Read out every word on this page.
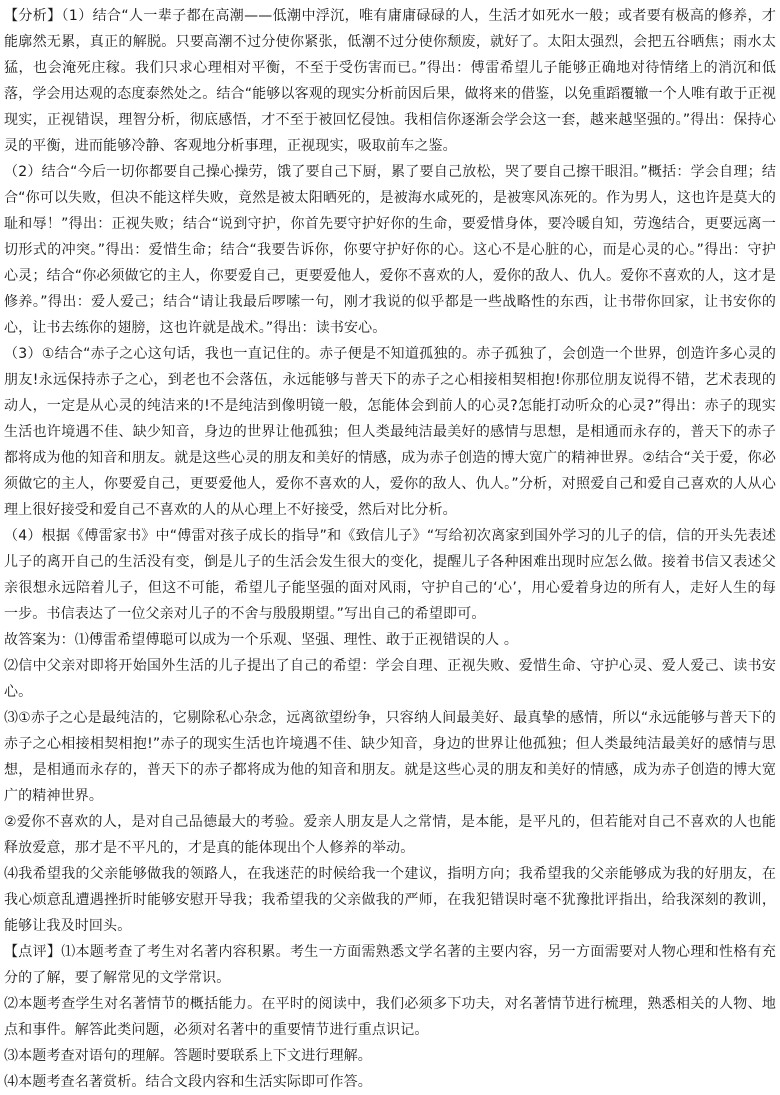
【分析】（1）结合“人一辈子都在高潮——低潮中浮沉，唯有庸庸碌碌的人，生活才如死水一般；或者要有极高的修养，才能廓然无累，真正的解脱。只要高潮不过分使你紧张，低潮不过分使你颓废，就好了。太阳太强烈，会把五谷晒焦；雨水太猛，也会淹死庄稼。我们只求心理相对平衡，不至于受伤害而已。”得出：傅雷希望儿子能够正确地对待情绪上的消沉和低落，学会用达观的态度泰然处之。结合“能够以客观的现实分析前因后果，做将来的借鉴，以免重蹈覆辙一个人唯有敢于正视现实，正视错误，理智分析，彻底感悟，才不至于被回忆侵蚀。我相信你逐渐会学会这一套，越来越坚强的。”得出：保持心灵的平衡，进而能够冷静、客观地分析事理，正视现实，吸取前车之鉴。

（2）结合“今后一切你都要自己操心操劳，饿了要自己下厨，累了要自己放松，哭了要自己擦干眼泪。”概括：学会自理；结合“你可以失败，但决不能这样失败，竟然是被太阳晒死的，是被海水咸死的，是被寒风冻死的。作为男人，这也许是莫大的耻和辱！”得出：正视失败；结合“说到守护，你首先要守护好你的生命，要爱惜身体，要冷暖自知，劳逸结合，更要远离一切形式的冲突。”得出：爱惜生命；结合“我要告诉你，你要守护好你的心。这心不是心脏的心，而是心灵的心。”得出：守护心灵；结合“你必须做它的主人，你要爱自己，更要爱他人，爱你不喜欢的人，爱你的敌人、仇人。爱你不喜欢的人，这才是修养。”得出：爱人爱己；结合“请让我最后啰嗦一句，刚才我说的似乎都是一些战略性的东西，让书带你回家，让书安你的心，让书去练你的翅膀，这也许就是战术。”得出：读书安心。

（3）①结合“赤子之心这句话，我也一直记住的。赤子便是不知道孤独的。赤子孤独了，会创造一个世界，创造许多心灵的朋友!永远保持赤子之心，到老也不会落伍，永远能够与普天下的赤子之心相接相契相抱!你那位朋友说得不错，艺术表现的动人，一定是从心灵的纯洁来的!不是纯洁到像明镜一般，怎能体会到前人的心灵?怎能打动听众的心灵?”得出：赤子的现实生活也许境遇不佳、缺少知音，身边的世界让他孤独；但人类最纯洁最美好的感情与思想，是相通而永存的，普天下的赤子都将成为他的知音和朋友。就是这些心灵的朋友和美好的情感，成为赤子创造的博大宽广的精神世界。②结合“关于爱，你必须做它的主人，你要爱自己，更要爱他人，爱你不喜欢的人，爱你的敌人、仇人。”分析，对照爱自己和爱自己喜欢的人从心理上很好接受和爱自己不喜欢的人的从心理上不好接受，然后对比分析。

（4）根据《傅雷家书》中“傅雷对孩子成长的指导”和《致信儿子》“写给初次离家到国外学习的儿子的信，信的开头先表述儿子的离开自己的生活没有变，倒是儿子的生活会发生很大的变化，提醒儿子各种困难出现时应怎么做。接着书信又表述父亲很想永远陪着儿子，但这不可能，希望儿子能坚强的面对风雨，守护自己的‘心’，用心爱着身边的所有人，走好人生的每一步。书信表达了一位父亲对儿子的不舍与殷殷期望。”写出自己的希望即可。

故答案为：⑴傅雷希望傅聪可以成为一个乐观、坚强、理性、敢于正视错误的人 。

⑵信中父亲对即将开始国外生活的儿子提出了自己的希望：学会自理、正视失败、爱惜生命、守护心灵、爱人爱己、读书安心。

⑶①赤子之心是最纯洁的，它剔除私心杂念，远离欲望纷争，只容纳人间最美好、最真挚的感情，所以“永远能够与普天下的赤子之心相接相契相抱!”赤子的现实生活也许境遇不佳、缺少知音，身边的世界让他孤独；但人类最纯洁最美好的感情与思想，是相通而永存的，普天下的赤子都将成为他的知音和朋友。就是这些心灵的朋友和美好的情感，成为赤子创造的博大宽广的精神世界。

②爱你不喜欢的人，是对自己品德最大的考验。爱亲人朋友是人之常情，是本能，是平凡的，但若能对自己不喜欢的人也能释放爱意，那才是不平凡的，才是真的能体现出个人修养的举动。

⑷我希望我的父亲能够做我的领路人，在我迷茫的时候给我一个建议，指明方向；我希望我的父亲能够成为我的好朋友，在我心烦意乱遭遇挫折时能够安慰开导我；我希望我的父亲做我的严师，在我犯错误时毫不犹豫批评指出，给我深刻的教训，能够让我及时回头。

【点评】⑴本题考查了考生对名著内容积累。考生一方面需熟悉文学名著的主要内容，另一方面需要对人物心理和性格有充分的了解，要了解常见的文学常识。

⑵本题考查学生对名著情节的概括能力。在平时的阅读中，我们必须多下功夫，对名著情节进行梳理，熟悉相关的人物、地点和事件。解答此类问题，必须对名著中的重要情节进行重点识记。

⑶本题考查对语句的理解。答题时要联系上下文进行理解。

⑷本题考查名著赏析。结合文段内容和生活实际即可作答。
